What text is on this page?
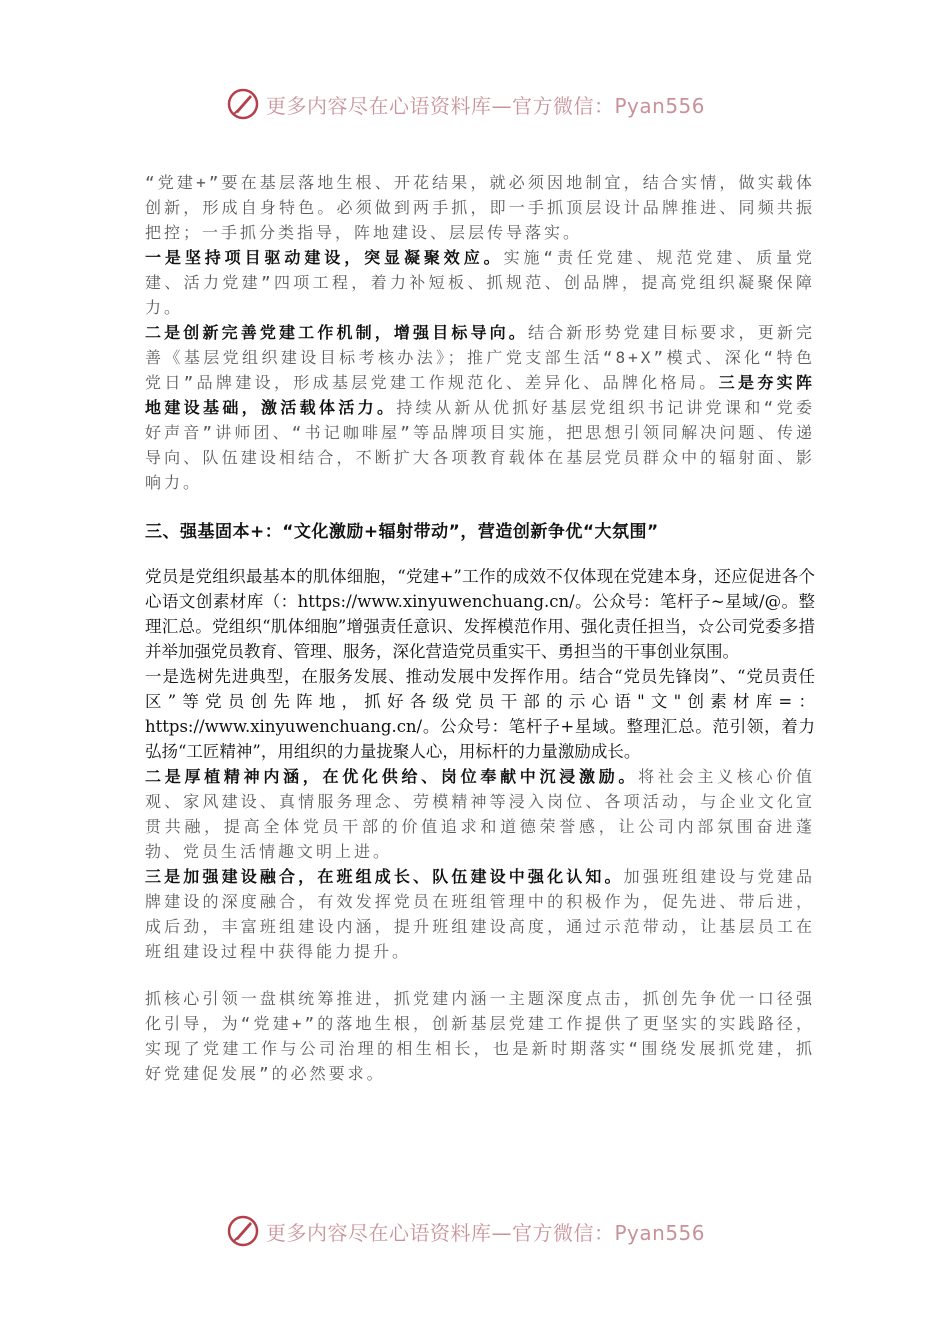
更多内容尽在心语资料库—官方微信：Pyan556

“党建+”要在基层落地生根、开花结果，就必须因地制宜，结合实情，做实载体创新，形成自身特色。必须做到两手抓，即一手抓顶层设计品牌推进、同频共振把控；一手抓分类指导，阵地建设、层层传导落实。

一是坚持项目驱动建设，突显凝聚效应。实施“责任党建、规范党建、质量党建、活力党建”四项工程，着力补短板、抓规范、创品牌，提高党组织凝聚保障力。

二是创新完善党建工作机制，增强目标导向。结合新形势党建目标要求，更新完善《基层党组织建设目标考核办法》；推广党支部生活“8+X”模式、深化“特色党日”品牌建设，形成基层党建工作规范化、差异化、品牌化格局。三是夯实阵地建设基础，激活载体活力。持续从新从优抓好基层党组织书记讲党课和“党委好声音”讲师团、“书记咖啡屋”等品牌项目实施，把思想引领同解决问题、传递导向、队伍建设相结合，不断扩大各项教育载体在基层党员群众中的辐射面、影响力。

三、强基固本+：“文化激励+辐射带动”，营造创新争优“大氛围”

党员是党组织最基本的肌体细胞，“党建+”工作的成效不仅体现在党建本身，还应促进各个心语文创素材库（：https://www.xinyuwenchuang.cn/。公众号：笔杆子~星域/@。整理汇总。党组织“肌体细胞”增强责任意识、发挥模范作用、强化责任担当，☆公司党委多措并举加强党员教育、管理、服务，深化营造党员重实干、勇担当的干事创业氛围。

一是选树先进典型，在服务发展、推动发展中发挥作用。结合“党员先锋岗”、“党员责任区”等党员创先阵地，抓好各级党员干部的示心语"文"创素材库=：https://www.xinyuwenchuang.cn/。公众号：笔杆子+星域。整理汇总。范引领，着力弘扬“工匠精神”，用组织的力量拢聚人心，用标杆的力量激励成长。

二是厚植精神内涵，在优化供给、岗位奉献中沉浸激励。将社会主义核心价值观、家风建设、真情服务理念、劳模精神等浸入岗位、各项活动，与企业文化宣贯共融，提高全体党员干部的价值追求和道德荣誉感，让公司内部氛围奋进蓬勃、党员生活情趣文明上进。

三是加强建设融合，在班组成长、队伍建设中强化认知。加强班组建设与党建品牌建设的深度融合，有效发挥党员在班组管理中的积极作为，促先进、带后进，成后劲，丰富班组建设内涵，提升班组建设高度，通过示范带动，让基层员工在班组建设过程中获得能力提升。

抓核心引领一盘棋统筹推进，抓党建内涵一主题深度点击，抓创先争优一口径强化引导，为“党建+”的落地生根，创新基层党建工作提供了更坚实的实践路径，实现了党建工作与公司治理的相生相长，也是新时期落实“围绕发展抓党建，抓好党建促发展”的必然要求。

更多内容尽在心语资料库—官方微信：Pyan556
